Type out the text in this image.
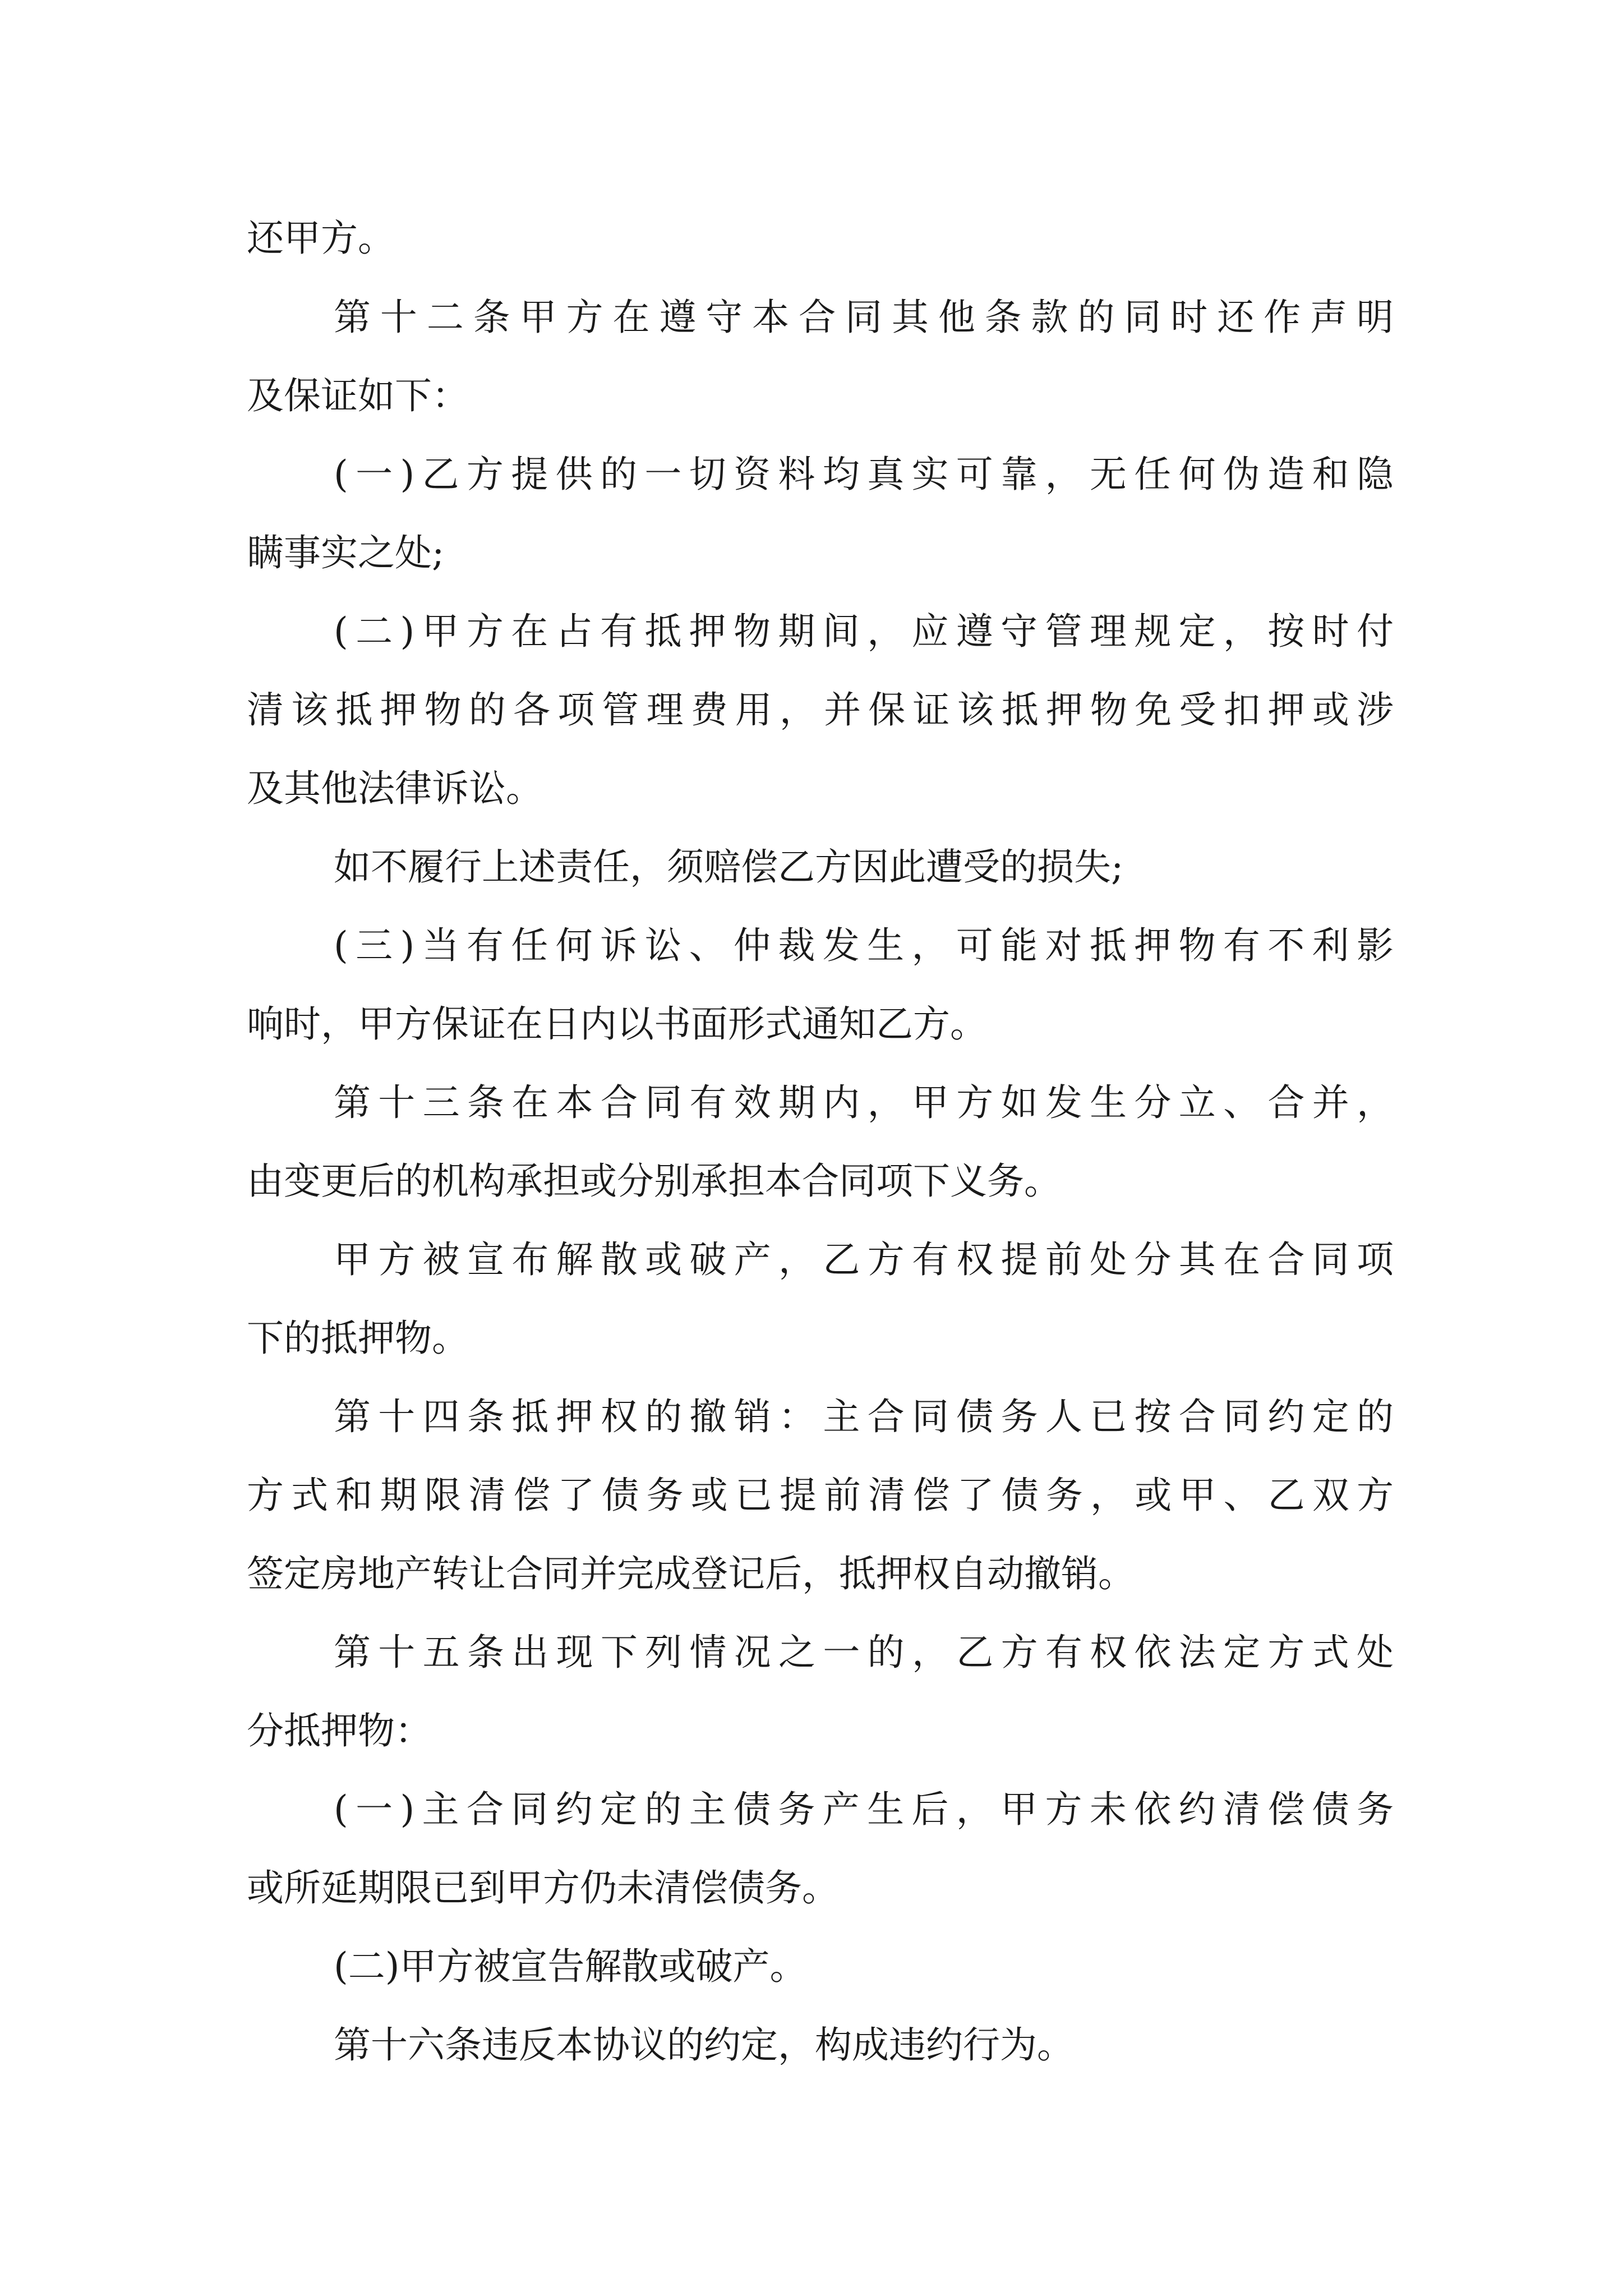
还甲方。

第十二条甲方在遵守本合同其他条款的同时还作声明

及保证如下：

(一)乙方提供的一切资料均真实可靠，无任何伪造和隐

瞒事实之处;

(二)甲方在占有抵押物期间，应遵守管理规定，按时付

清该抵押物的各项管理费用，并保证该抵押物免受扣押或涉

及其他法律诉讼。

如不履行上述责任，须赔偿乙方因此遭受的损失;

(三)当有任何诉讼、仲裁发生，可能对抵押物有不利影

响时，甲方保证在日内以书面形式通知乙方。

第十三条在本合同有效期内，甲方如发生分立、合并，

由变更后的机构承担或分别承担本合同项下义务。

甲方被宣布解散或破产，乙方有权提前处分其在合同项

下的抵押物。

第十四条抵押权的撤销：主合同债务人已按合同约定的

方式和期限清偿了债务或已提前清偿了债务，或甲、乙双方

签定房地产转让合同并完成登记后，抵押权自动撤销。

第十五条出现下列情况之一的，乙方有权依法定方式处

分抵押物：

(一)主合同约定的主债务产生后，甲方未依约清偿债务

或所延期限已到甲方仍未清偿债务。

(二)甲方被宣告解散或破产。

第十六条违反本协议的约定，构成违约行为。
